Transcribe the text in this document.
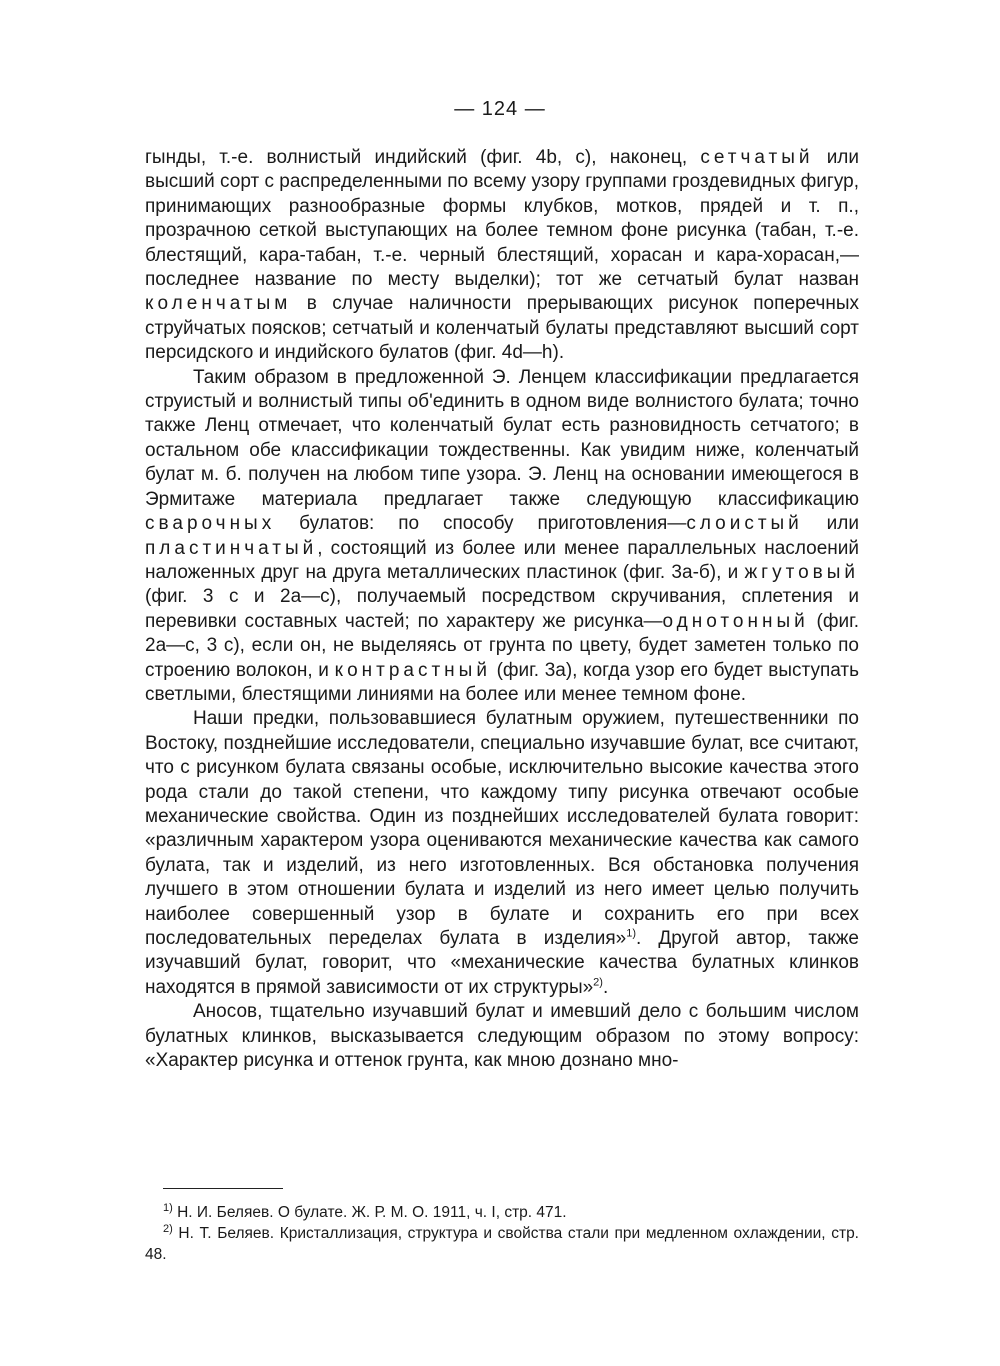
— 124 —

гынды, т.-е. волнистый индийский (фиг. 4b, с), наконец, сетчатый или высший сорт с распределенными по всему узору группами гроздевидных фигур, принимающих разнообразные формы клубков, мотков, прядей и т. п., прозрачною сеткой выступающих на более темном фоне рисунка (табан, т.-е. блестящий, кара-табан, т.-е. черный блестящий, хорасан и кара-хорасан,—последнее название по месту выделки); тот же сетчатый булат назван коленчатым в случае наличности прерывающих рисунок поперечных струйчатых поясков; сетчатый и коленчатый булаты представляют высший сорт персидского и индийского булатов (фиг. 4d—h).

Таким образом в предложенной Э. Ленцем классификации предлагается струистый и волнистый типы об'единить в одном виде волнистого булата; точно также Ленц отмечает, что коленчатый булат есть разновидность сетчатого; в остальном обе классификации тождественны. Как увидим ниже, коленчатый булат м. б. получен на любом типе узора. Э. Ленц на основании имеющегося в Эрмитаже материала предлагает также следующую классификацию сварочных булатов: по способу приготовления—слоистый или пластинчатый, состоящий из более или менее параллельных наслоений наложенных друг на друга металлических пластинок (фиг. 3а-б), и жгутовый (фиг. 3 с и 2а—с), получаемый посредством скручивания, сплетения и перевивки составных частей; по характеру же рисунка—однотонный (фиг. 2а—с, 3 с), если он, не выделяясь от грунта по цвету, будет заметен только по строению волокон, и контрастный (фиг. 3а), когда узор его будет выступать светлыми, блестящими линиями на более или менее темном фоне.

Наши предки, пользовавшиеся булатным оружием, путешественники по Востоку, позднейшие исследователи, специально изучавшие булат, все считают, что с рисунком булата связаны особые, исключительно высокие качества этого рода стали до такой степени, что каждому типу рисунка отвечают особые механические свойства. Один из позднейших исследователей булата говорит: «различным характером узора оцениваются механические качества как самого булата, так и изделий, из него изготовленных. Вся обстановка получения лучшего в этом отношении булата и изделий из него имеет целью получить наиболее совершенный узор в булате и сохранить его при всех последовательных переделах булата в изделия»$^{1)}$. Другой автор, также изучавший булат, говорит, что «механические качества булатных клинков находятся в прямой зависимости от их структуры»$^{2)}$.

Аносов, тщательно изучавший булат и имевший дело с большим числом булатных клинков, высказывается следующим образом по этому вопросу: «Характер рисунка и оттенок грунта, как мною дознано мно-

$^{1)}$ Н. И. Беляев. О булате. Ж. Р. М. О. 1911, ч. I, стр. 471.

$^{2)}$ Н. Т. Беляев. Кристаллизация, структура и свойства стали при медленном охлаждении, стр. 48.
